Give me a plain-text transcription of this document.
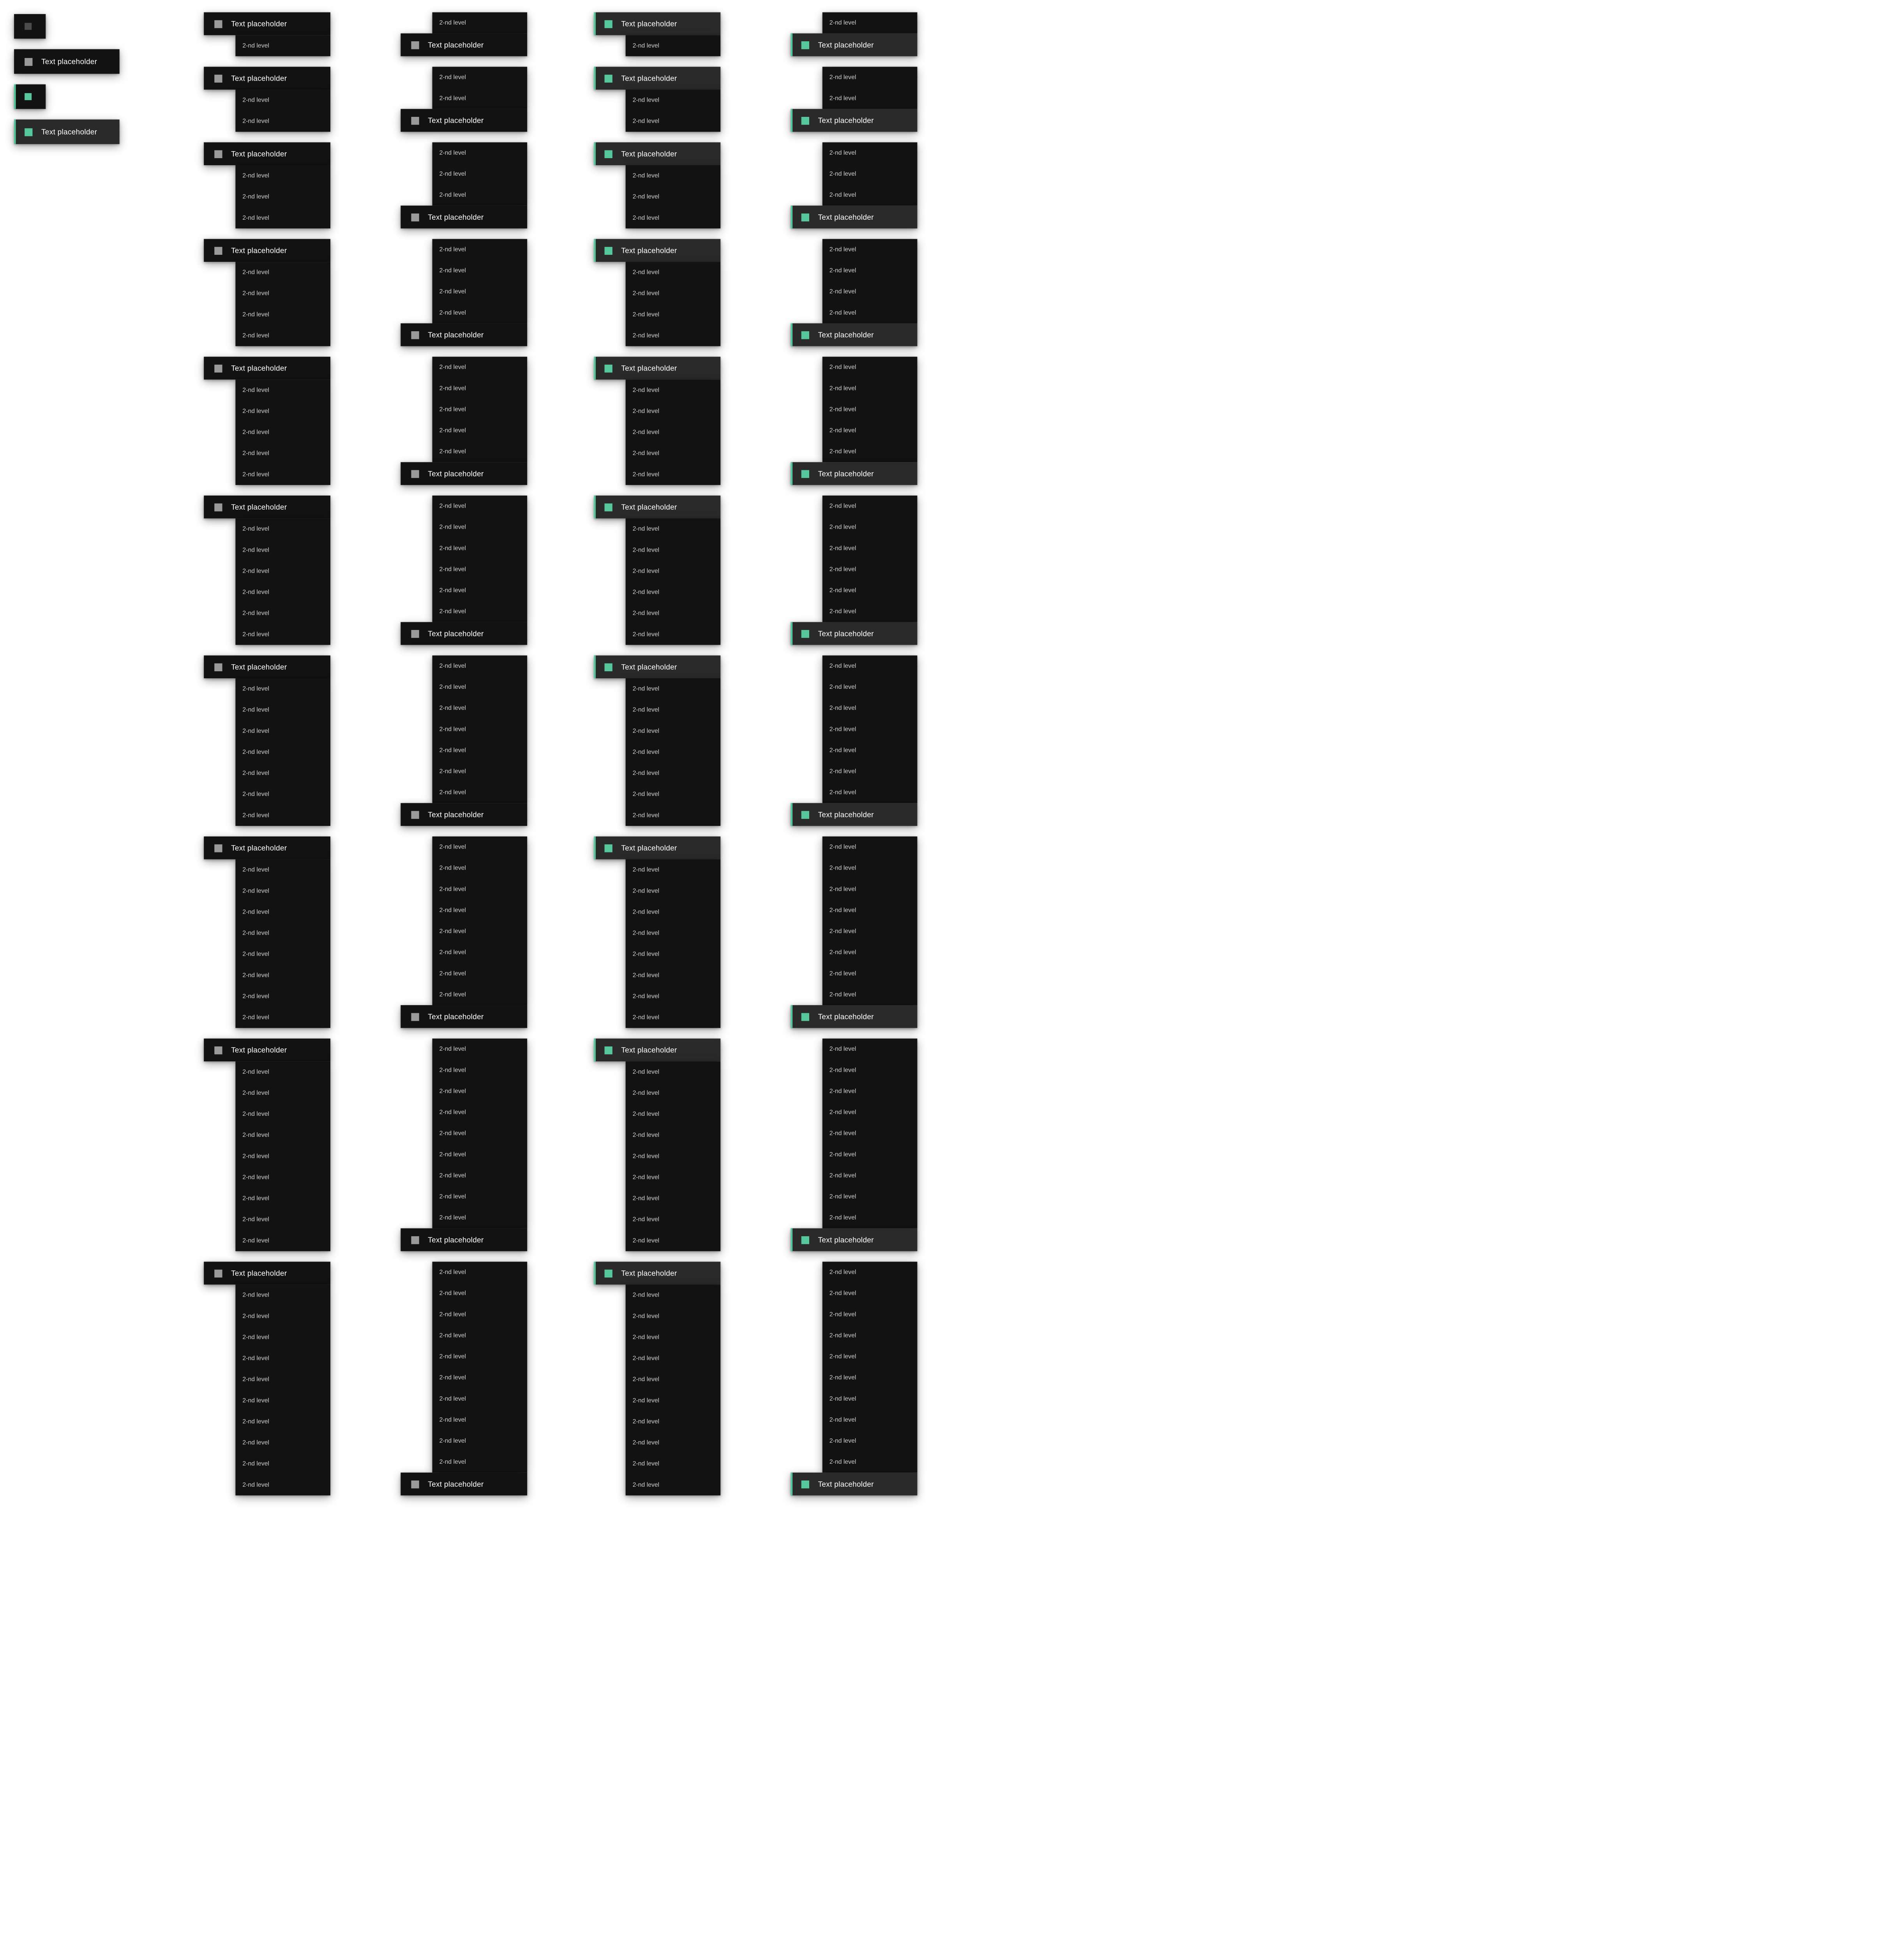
Text placeholder
Text placeholder
Text placeholder
2-nd level
Text placeholder
2-nd level
2-nd level
Text placeholder
2-nd level
2-nd level
2-nd level
Text placeholder
2-nd level
2-nd level
2-nd level
2-nd level
Text placeholder
2-nd level
2-nd level
2-nd level
2-nd level
2-nd level
Text placeholder
2-nd level
2-nd level
2-nd level
2-nd level
2-nd level
2-nd level
Text placeholder
2-nd level
2-nd level
2-nd level
2-nd level
2-nd level
2-nd level
2-nd level
Text placeholder
2-nd level
2-nd level
2-nd level
2-nd level
2-nd level
2-nd level
2-nd level
2-nd level
Text placeholder
2-nd level
2-nd level
2-nd level
2-nd level
2-nd level
2-nd level
2-nd level
2-nd level
2-nd level
Text placeholder
2-nd level
2-nd level
2-nd level
2-nd level
2-nd level
2-nd level
2-nd level
2-nd level
2-nd level
2-nd level
2-nd level
Text placeholder
2-nd level
2-nd level
Text placeholder
2-nd level
2-nd level
2-nd level
Text placeholder
2-nd level
2-nd level
2-nd level
2-nd level
Text placeholder
2-nd level
2-nd level
2-nd level
2-nd level
2-nd level
Text placeholder
2-nd level
2-nd level
2-nd level
2-nd level
2-nd level
2-nd level
Text placeholder
2-nd level
2-nd level
2-nd level
2-nd level
2-nd level
2-nd level
2-nd level
Text placeholder
2-nd level
2-nd level
2-nd level
2-nd level
2-nd level
2-nd level
2-nd level
2-nd level
Text placeholder
2-nd level
2-nd level
2-nd level
2-nd level
2-nd level
2-nd level
2-nd level
2-nd level
2-nd level
Text placeholder
2-nd level
2-nd level
2-nd level
2-nd level
2-nd level
2-nd level
2-nd level
2-nd level
2-nd level
2-nd level
Text placeholder
Text placeholder
2-nd level
Text placeholder
2-nd level
2-nd level
Text placeholder
2-nd level
2-nd level
2-nd level
Text placeholder
2-nd level
2-nd level
2-nd level
2-nd level
Text placeholder
2-nd level
2-nd level
2-nd level
2-nd level
2-nd level
Text placeholder
2-nd level
2-nd level
2-nd level
2-nd level
2-nd level
2-nd level
Text placeholder
2-nd level
2-nd level
2-nd level
2-nd level
2-nd level
2-nd level
2-nd level
Text placeholder
2-nd level
2-nd level
2-nd level
2-nd level
2-nd level
2-nd level
2-nd level
2-nd level
Text placeholder
2-nd level
2-nd level
2-nd level
2-nd level
2-nd level
2-nd level
2-nd level
2-nd level
2-nd level
Text placeholder
2-nd level
2-nd level
2-nd level
2-nd level
2-nd level
2-nd level
2-nd level
2-nd level
2-nd level
2-nd level
2-nd level
Text placeholder
2-nd level
2-nd level
Text placeholder
2-nd level
2-nd level
2-nd level
Text placeholder
2-nd level
2-nd level
2-nd level
2-nd level
Text placeholder
2-nd level
2-nd level
2-nd level
2-nd level
2-nd level
Text placeholder
2-nd level
2-nd level
2-nd level
2-nd level
2-nd level
2-nd level
Text placeholder
2-nd level
2-nd level
2-nd level
2-nd level
2-nd level
2-nd level
2-nd level
Text placeholder
2-nd level
2-nd level
2-nd level
2-nd level
2-nd level
2-nd level
2-nd level
2-nd level
Text placeholder
2-nd level
2-nd level
2-nd level
2-nd level
2-nd level
2-nd level
2-nd level
2-nd level
2-nd level
Text placeholder
2-nd level
2-nd level
2-nd level
2-nd level
2-nd level
2-nd level
2-nd level
2-nd level
2-nd level
2-nd level
Text placeholder
